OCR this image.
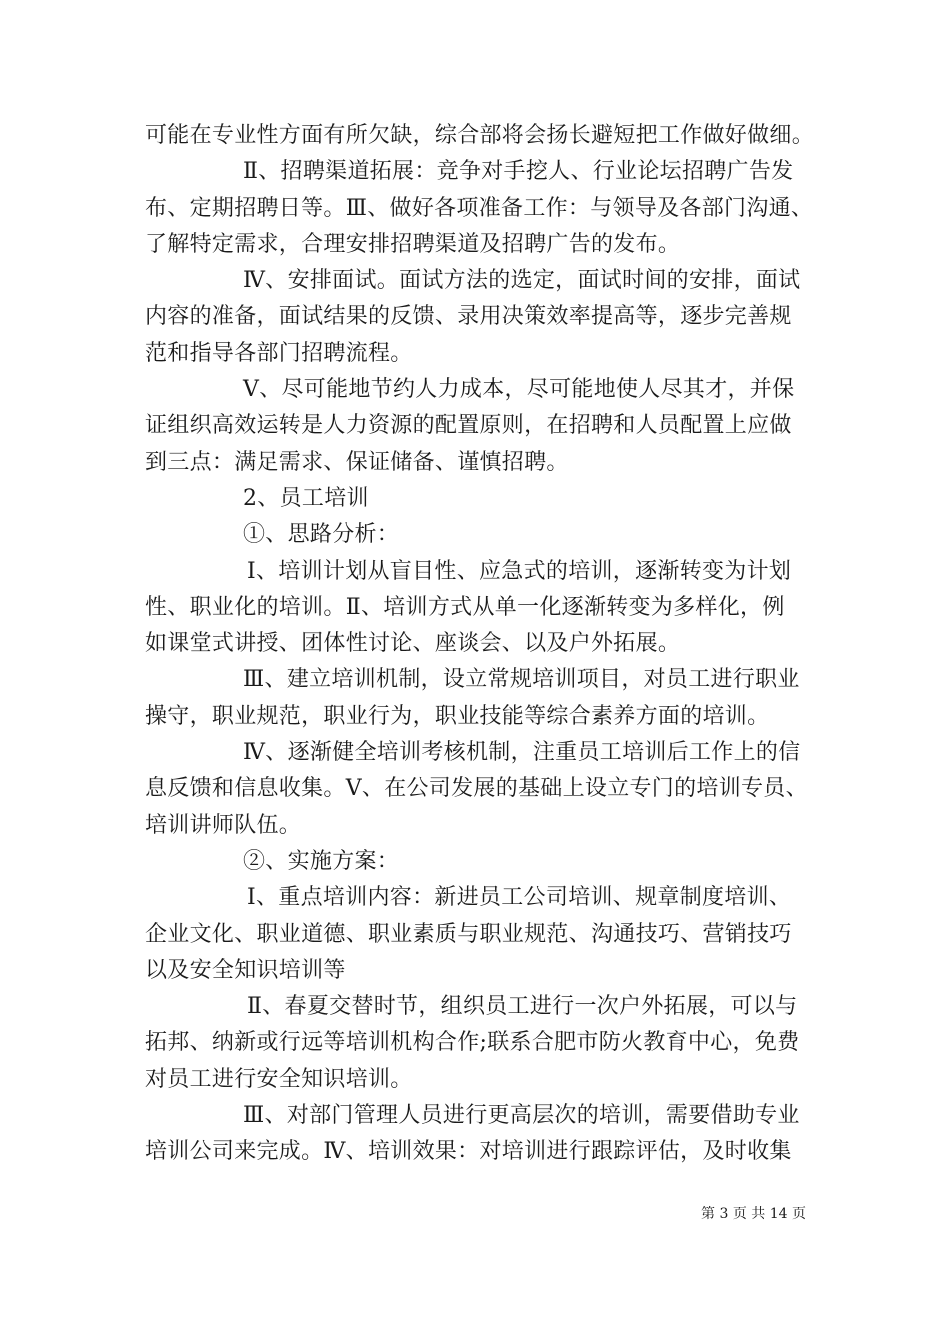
可能在专业性方面有所欠缺，综合部将会扬长避短把工作做好做细。
Ⅱ、招聘渠道拓展：竞争对手挖人、行业论坛招聘广告发
布、定期招聘日等。Ⅲ、做好各项准备工作：与领导及各部门沟通、
了解特定需求，合理安排招聘渠道及招聘广告的发布。
Ⅳ、安排面试。面试方法的选定，面试时间的安排，面试
内容的准备，面试结果的反馈、录用决策效率提高等，逐步完善规
范和指导各部门招聘流程。
Ⅴ、尽可能地节约人力成本，尽可能地使人尽其才，并保
证组织高效运转是人力资源的配置原则，在招聘和人员配置上应做
到三点：满足需求、保证储备、谨慎招聘。
2、员工培训
①、思路分析：
Ⅰ、培训计划从盲目性、应急式的培训，逐渐转变为计划
性、职业化的培训。Ⅱ、培训方式从单一化逐渐转变为多样化，例
如课堂式讲授、团体性讨论、座谈会、以及户外拓展。
Ⅲ、建立培训机制，设立常规培训项目，对员工进行职业
操守，职业规范，职业行为，职业技能等综合素养方面的培训。
Ⅳ、逐渐健全培训考核机制，注重员工培训后工作上的信
息反馈和信息收集。Ⅴ、在公司发展的基础上设立专门的培训专员、
培训讲师队伍。
②、实施方案：
Ⅰ、重点培训内容：新进员工公司培训、规章制度培训、
企业文化、职业道德、职业素质与职业规范、沟通技巧、营销技巧
以及安全知识培训等
Ⅱ、春夏交替时节，组织员工进行一次户外拓展，可以与
拓邦、纳新或行远等培训机构合作;联系合肥市防火教育中心，免费
对员工进行安全知识培训。
Ⅲ、对部门管理人员进行更高层次的培训，需要借助专业
培训公司来完成。Ⅳ、培训效果：对培训进行跟踪评估，及时收集
第 3 页 共 14 页
